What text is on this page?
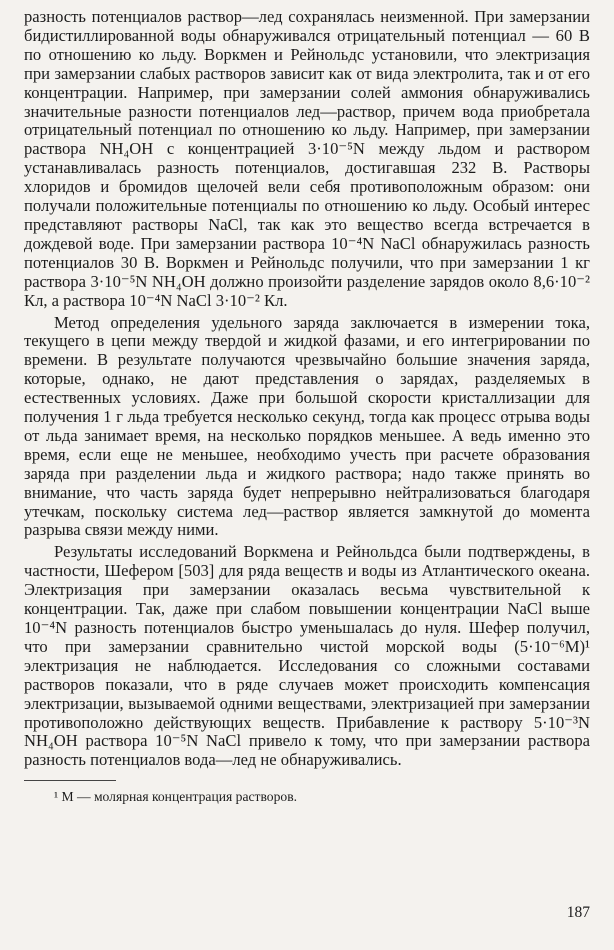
разность потенциалов раствор—лед сохранялась неизменной. При замерзании бидистиллированной воды обнаруживался отрицательный потенциал — 60 В по отношению ко льду. Воркмен и Рейнольдс установили, что электризация при замерзании слабых растворов зависит как от вида электролита, так и от его концентрации. Например, при замерзании солей аммония обнаруживались значительные разности потенциалов лед—раствор, причем вода приобретала отрицательный потенциал по отношению ко льду. Например, при замерзании раствора NH₄OH с концентрацией 3·10⁻⁵N между льдом и раствором устанавливалась разность потенциалов, достигавшая 232 В. Растворы хлоридов и бромидов щелочей вели себя противоположным образом: они получали положительные потенциалы по отношению ко льду. Особый интерес представляют растворы NaCl, так как это вещество всегда встречается в дождевой воде. При замерзании раствора 10⁻⁴N NaCl обнаружилась разность потенциалов 30 В. Воркмен и Рейнольдс получили, что при замерзании 1 кг раствора 3·10⁻⁵N NH₄OH должно произойти разделение зарядов около 8,6·10⁻² Кл, а раствора 10⁻⁴N NaCl 3·10⁻² Кл.

Метод определения удельного заряда заключается в измерении тока, текущего в цепи между твердой и жидкой фазами, и его интегрировании по времени. В результате получаются чрезвычайно большие значения заряда, которые, однако, не дают представления о зарядах, разделяемых в естественных условиях. Даже при большой скорости кристаллизации для получения 1 г льда требуется несколько секунд, тогда как процесс отрыва воды от льда занимает время, на несколько порядков меньшее. А ведь именно это время, если еще не меньшее, необходимо учесть при расчете образования заряда при разделении льда и жидкого раствора; надо также принять во внимание, что часть заряда будет непрерывно нейтрализоваться благодаря утечкам, поскольку система лед—раствор является замкнутой до момента разрыва связи между ними.

Результаты исследований Воркмена и Рейнольдса были подтверждены, в частности, Шефером [503] для ряда веществ и воды из Атлантического океана. Электризация при замерзании оказалась весьма чувствительной к концентрации. Так, даже при слабом повышении концентрации NaCl выше 10⁻⁴N разность потенциалов быстро уменьшалась до нуля. Шефер получил, что при замерзании сравнительно чистой морской воды (5·10⁻⁶M)¹ электризация не наблюдается. Исследования со сложными составами растворов показали, что в ряде случаев может происходить компенсация электризации, вызываемой одними веществами, электризацией при замерзании противоположно действующих веществ. Прибавление к раствору 5·10⁻³N NH₄OH раствора 10⁻⁵N NaCl привело к тому, что при замерзании раствора разность потенциалов вода—лед не обнаруживались.

¹ M — молярная концентрация растворов.

187
